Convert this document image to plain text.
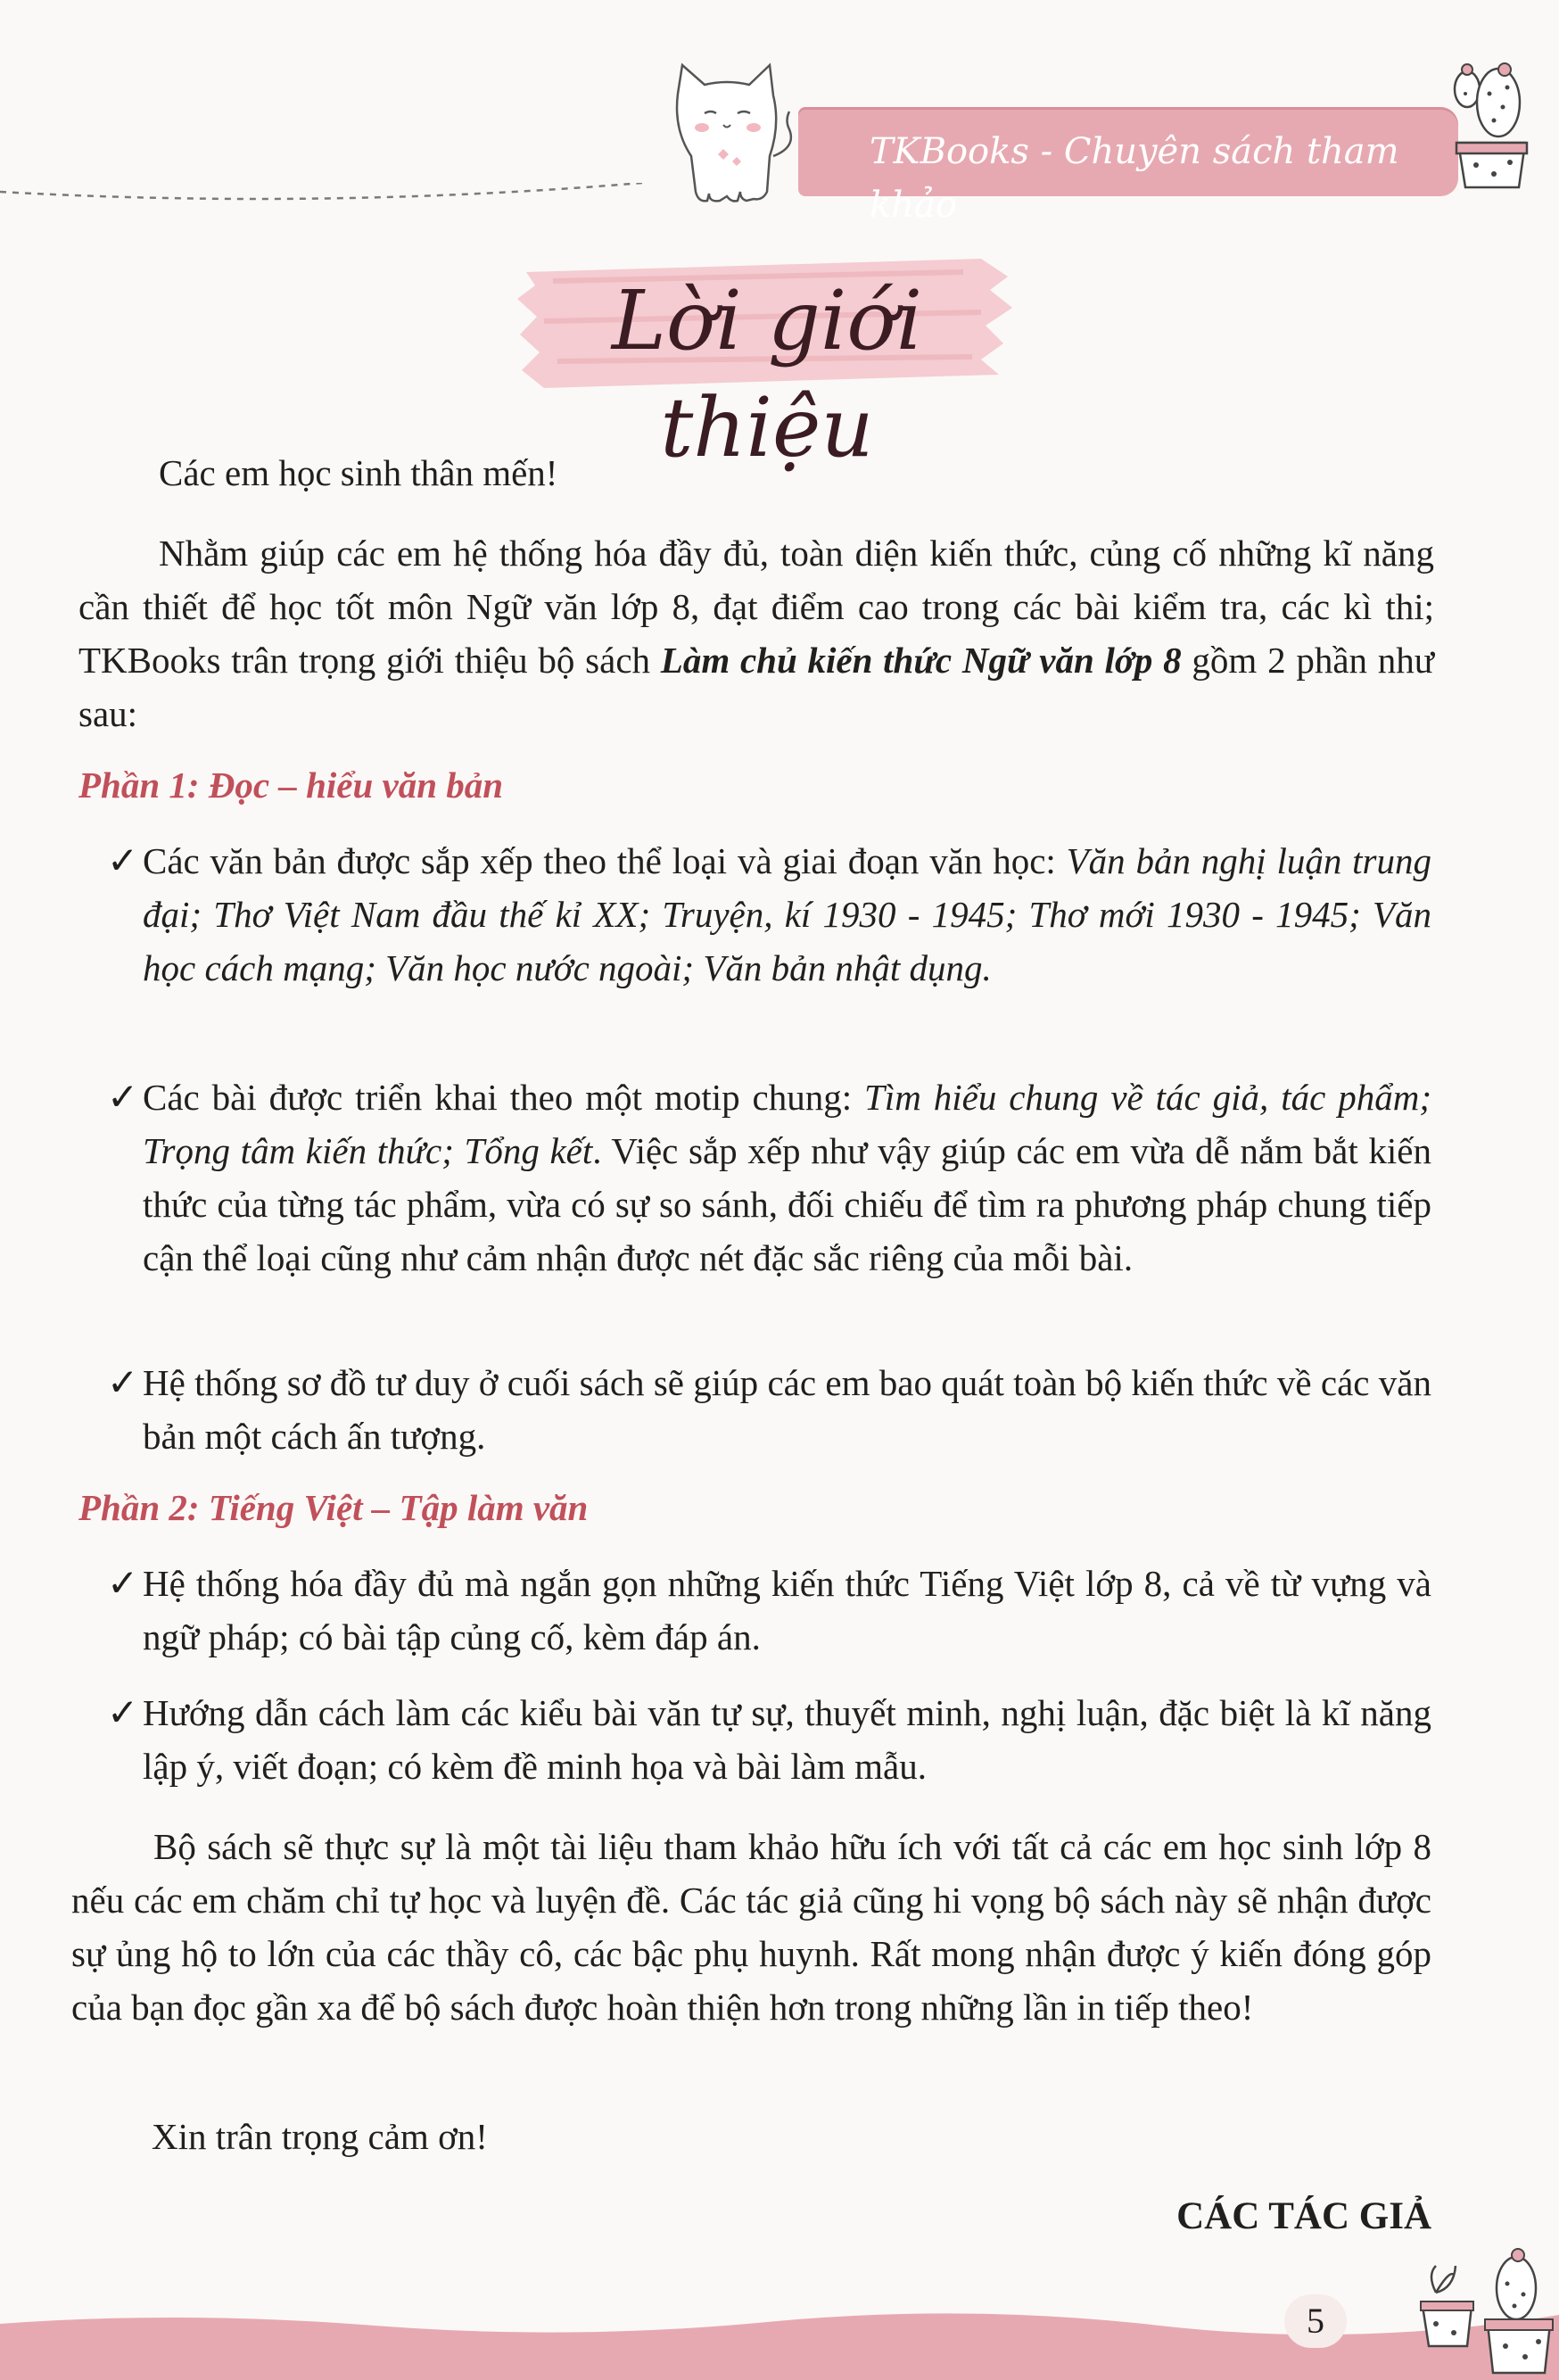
TKBooks - Chuyên sách tham khảo
Lời giới thiệu
Các em học sinh thân mến!
Nhằm giúp các em hệ thống hóa đầy đủ, toàn diện kiến thức, củng cố những kĩ năng cần thiết để học tốt môn Ngữ văn lớp 8, đạt điểm cao trong các bài kiểm tra, các kì thi; TKBooks trân trọng giới thiệu bộ sách Làm chủ kiến thức Ngữ văn lớp 8 gồm 2 phần như sau:
Phần 1: Đọc – hiểu văn bản
✓ Các văn bản được sắp xếp theo thể loại và giai đoạn văn học: Văn bản nghị luận trung đại; Thơ Việt Nam đầu thế kỉ XX; Truyện, kí 1930 - 1945; Thơ mới 1930 - 1945; Văn học cách mạng; Văn học nước ngoài; Văn bản nhật dụng.
✓ Các bài được triển khai theo một motip chung: Tìm hiểu chung về tác giả, tác phẩm; Trọng tâm kiến thức; Tổng kết. Việc sắp xếp như vậy giúp các em vừa dễ nắm bắt kiến thức của từng tác phẩm, vừa có sự so sánh, đối chiếu để tìm ra phương pháp chung tiếp cận thể loại cũng như cảm nhận được nét đặc sắc riêng của mỗi bài.
✓ Hệ thống sơ đồ tư duy ở cuối sách sẽ giúp các em bao quát toàn bộ kiến thức về các văn bản một cách ấn tượng.
Phần 2: Tiếng Việt – Tập làm văn
✓ Hệ thống hóa đầy đủ mà ngắn gọn những kiến thức Tiếng Việt lớp 8, cả về từ vựng và ngữ pháp; có bài tập củng cố, kèm đáp án.
✓ Hướng dẫn cách làm các kiểu bài văn tự sự, thuyết minh, nghị luận, đặc biệt là kĩ năng lập ý, viết đoạn; có kèm đề minh họa và bài làm mẫu.
Bộ sách sẽ thực sự là một tài liệu tham khảo hữu ích với tất cả các em học sinh lớp 8 nếu các em chăm chỉ tự học và luyện đề. Các tác giả cũng hi vọng bộ sách này sẽ nhận được sự ủng hộ to lớn của các thầy cô, các bậc phụ huynh. Rất mong nhận được ý kiến đóng góp của bạn đọc gần xa để bộ sách được hoàn thiện hơn trong những lần in tiếp theo!
Xin trân trọng cảm ơn!
CÁC TÁC GIẢ
5
